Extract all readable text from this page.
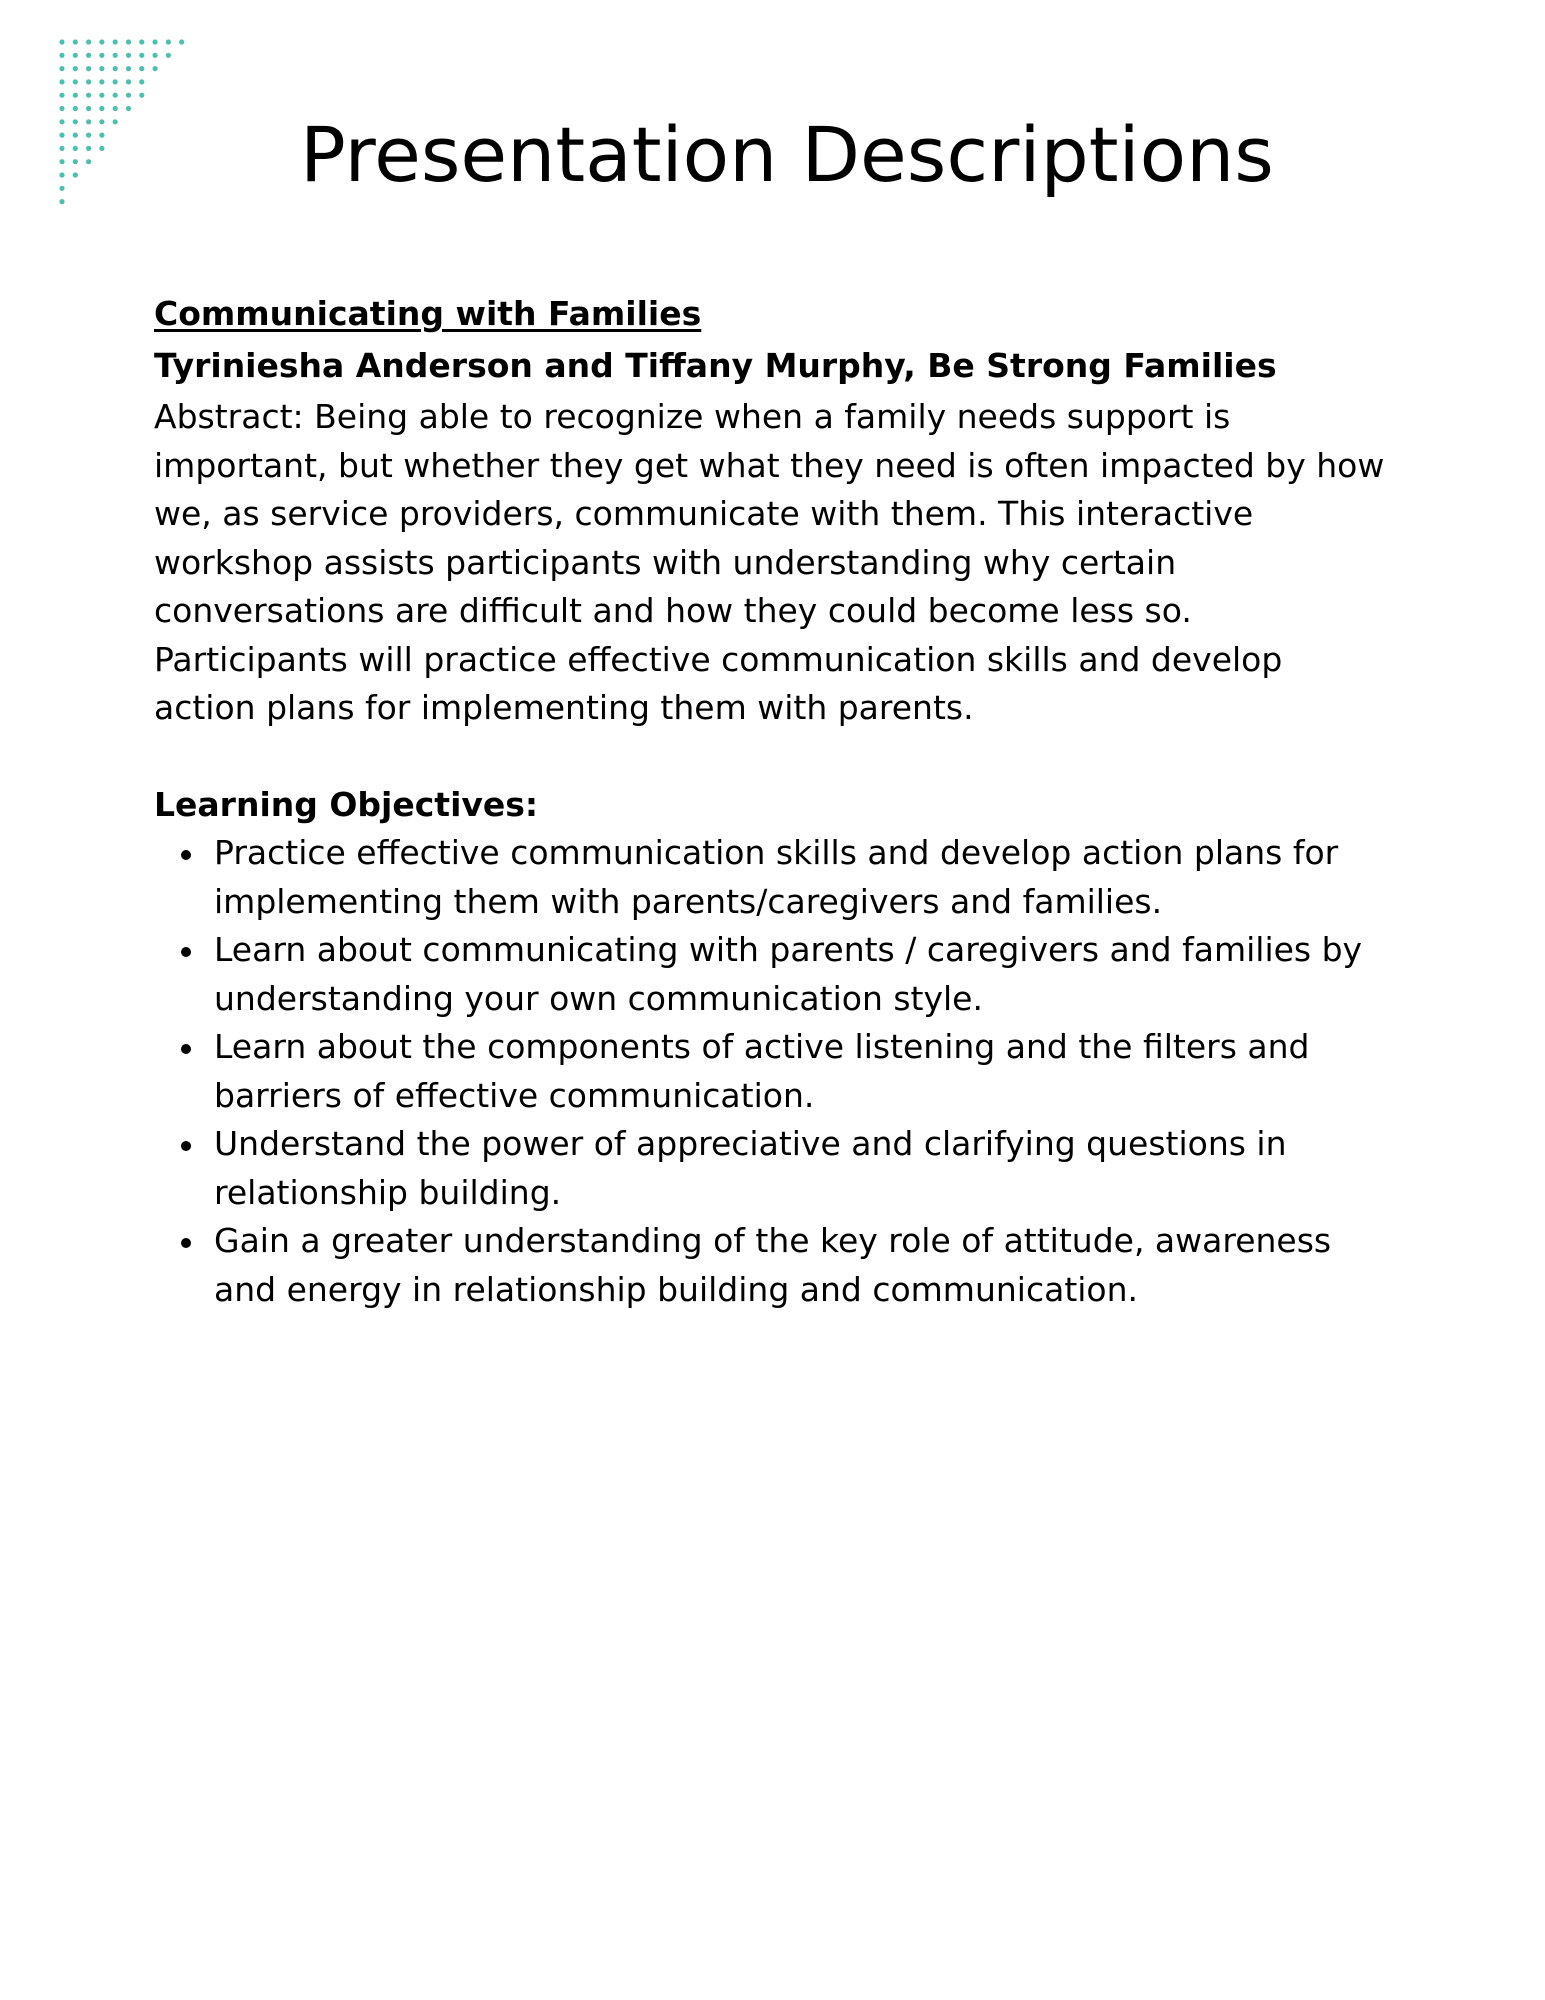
Presentation Descriptions

Communicating with Families

Tyriniesha Anderson and Tiffany Murphy, Be Strong Families

Abstract: Being able to recognize when a family needs support is important, but whether they get what they need is often impacted by how we, as service providers, communicate with them. This interactive workshop assists participants with understanding why certain conversations are difficult and how they could become less so. Participants will practice effective communication skills and develop action plans for implementing them with parents.

Learning Objectives:

Practice effective communication skills and develop action plans for implementing them with parents/caregivers and families.
Learn about communicating with parents / caregivers and families by understanding your own communication style.
Learn about the components of active listening and the filters and barriers of effective communication.
Understand the power of appreciative and clarifying questions in relationship building.
Gain a greater understanding of the key role of attitude, awareness and energy in relationship building and communication.
